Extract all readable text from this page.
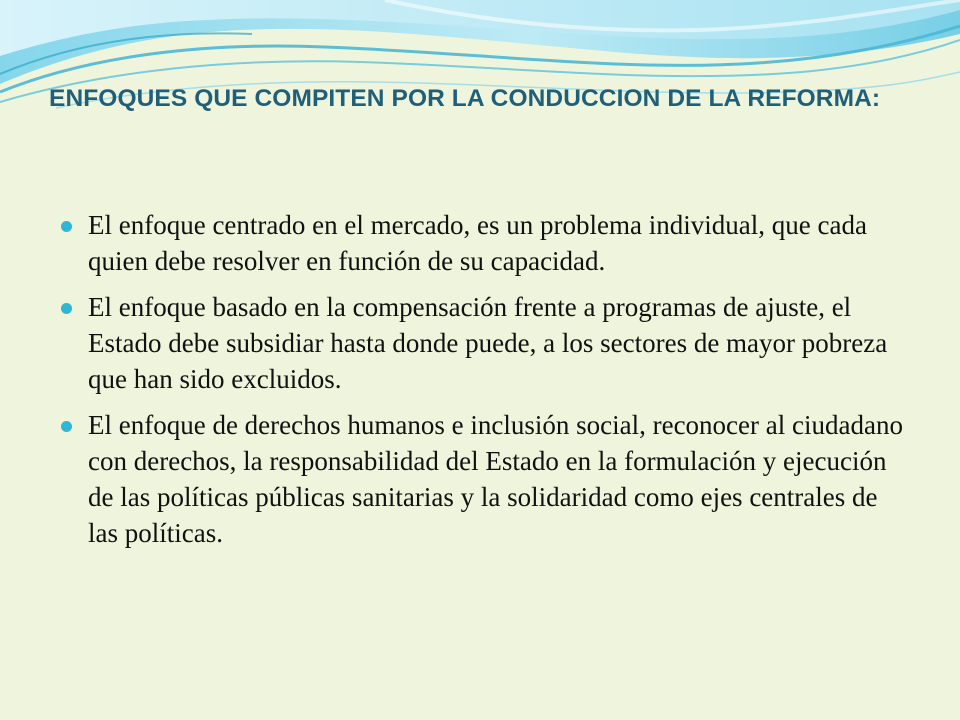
ENFOQUES QUE COMPITEN POR LA CONDUCCION DE LA REFORMA:
El enfoque centrado en el mercado, es un problema individual, que cada quien debe resolver en función de su capacidad.
El enfoque basado en la compensación frente a programas de ajuste, el Estado debe subsidiar hasta donde puede, a los sectores de mayor pobreza que han sido excluidos.
El enfoque de derechos humanos e inclusión social, reconocer al ciudadano con derechos, la responsabilidad del Estado en la formulación y ejecución de las políticas públicas sanitarias y la solidaridad como ejes centrales de las políticas.
